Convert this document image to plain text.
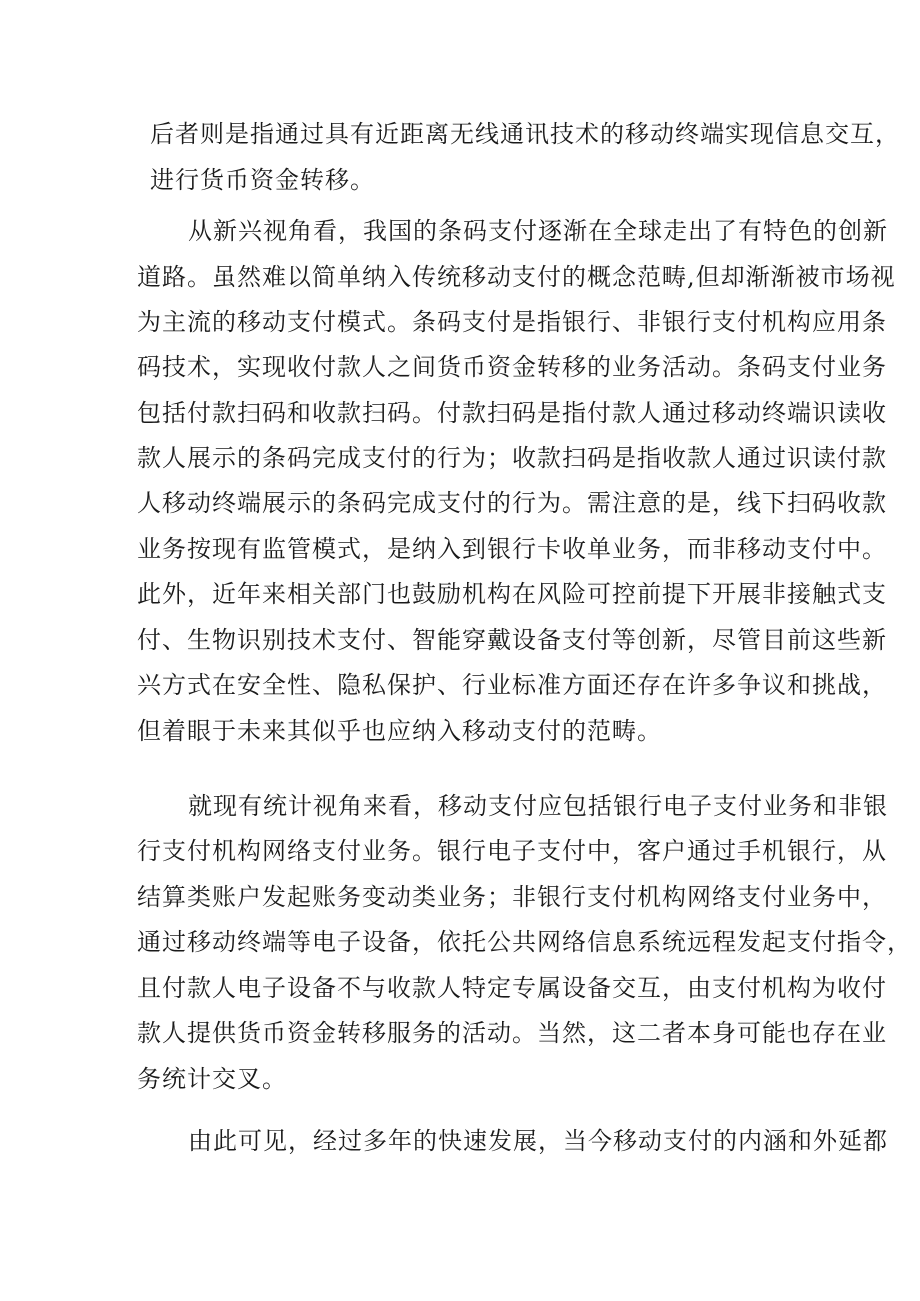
后者则是指通过具有近距离无线通讯技术的移动终端实现信息交互，
进行货币资金转移。
从新兴视角看，我国的条码支付逐渐在全球走出了有特色的创新
道路。虽然难以简单纳入传统移动支付的概念范畴,但却渐渐被市场视
为主流的移动支付模式。条码支付是指银行、非银行支付机构应用条
码技术，实现收付款人之间货币资金转移的业务活动。条码支付业务
包括付款扫码和收款扫码。付款扫码是指付款人通过移动终端识读收
款人展示的条码完成支付的行为；收款扫码是指收款人通过识读付款
人移动终端展示的条码完成支付的行为。需注意的是，线下扫码收款
业务按现有监管模式，是纳入到银行卡收单业务，而非移动支付中。
此外，近年来相关部门也鼓励机构在风险可控前提下开展非接触式支
付、生物识别技术支付、智能穿戴设备支付等创新，尽管目前这些新
兴方式在安全性、隐私保护、行业标准方面还存在许多争议和挑战，
但着眼于未来其似乎也应纳入移动支付的范畴。
就现有统计视角来看，移动支付应包括银行电子支付业务和非银
行支付机构网络支付业务。银行电子支付中，客户通过手机银行，从
结算类账户发起账务变动类业务；非银行支付机构网络支付业务中，
通过移动终端等电子设备，依托公共网络信息系统远程发起支付指令，
且付款人电子设备不与收款人特定专属设备交互，由支付机构为收付
款人提供货币资金转移服务的活动。当然，这二者本身可能也存在业
务统计交叉。
由此可见，经过多年的快速发展，当今移动支付的内涵和外延都
